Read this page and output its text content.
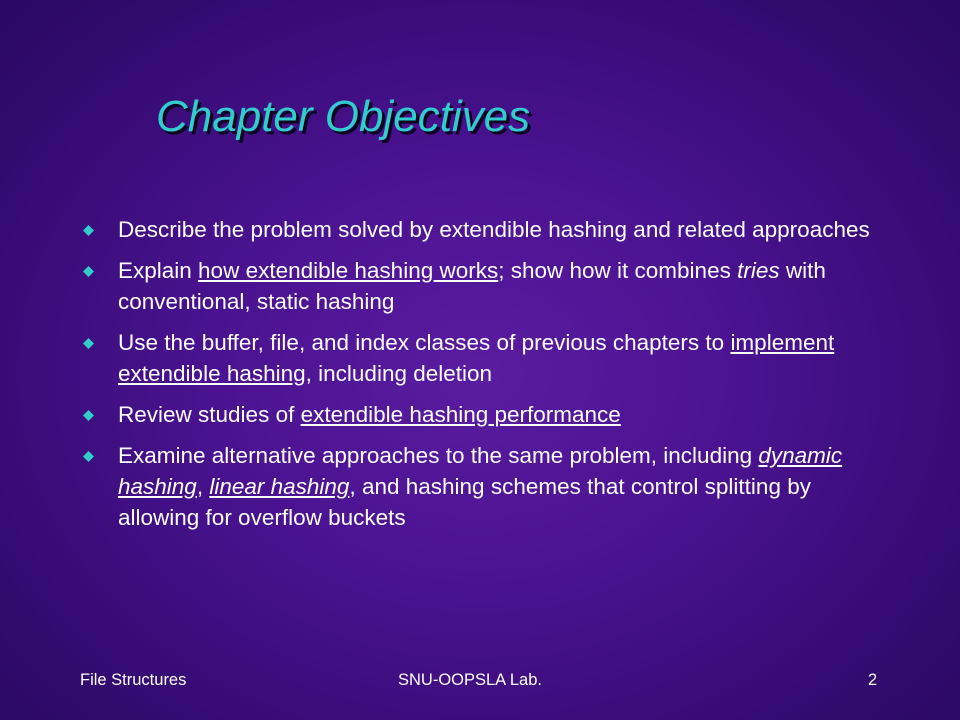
Chapter Objectives
Describe the problem solved by extendible hashing and related approaches
Explain how extendible hashing works; show how it combines tries with conventional, static hashing
Use the buffer, file, and index classes of previous chapters to implement extendible hashing, including deletion
Review studies of extendible hashing performance
Examine alternative approaches to the same problem, including dynamic hashing, linear hashing, and hashing schemes that control splitting by allowing for overflow buckets
File Structures	SNU-OOPSLA Lab.	2
